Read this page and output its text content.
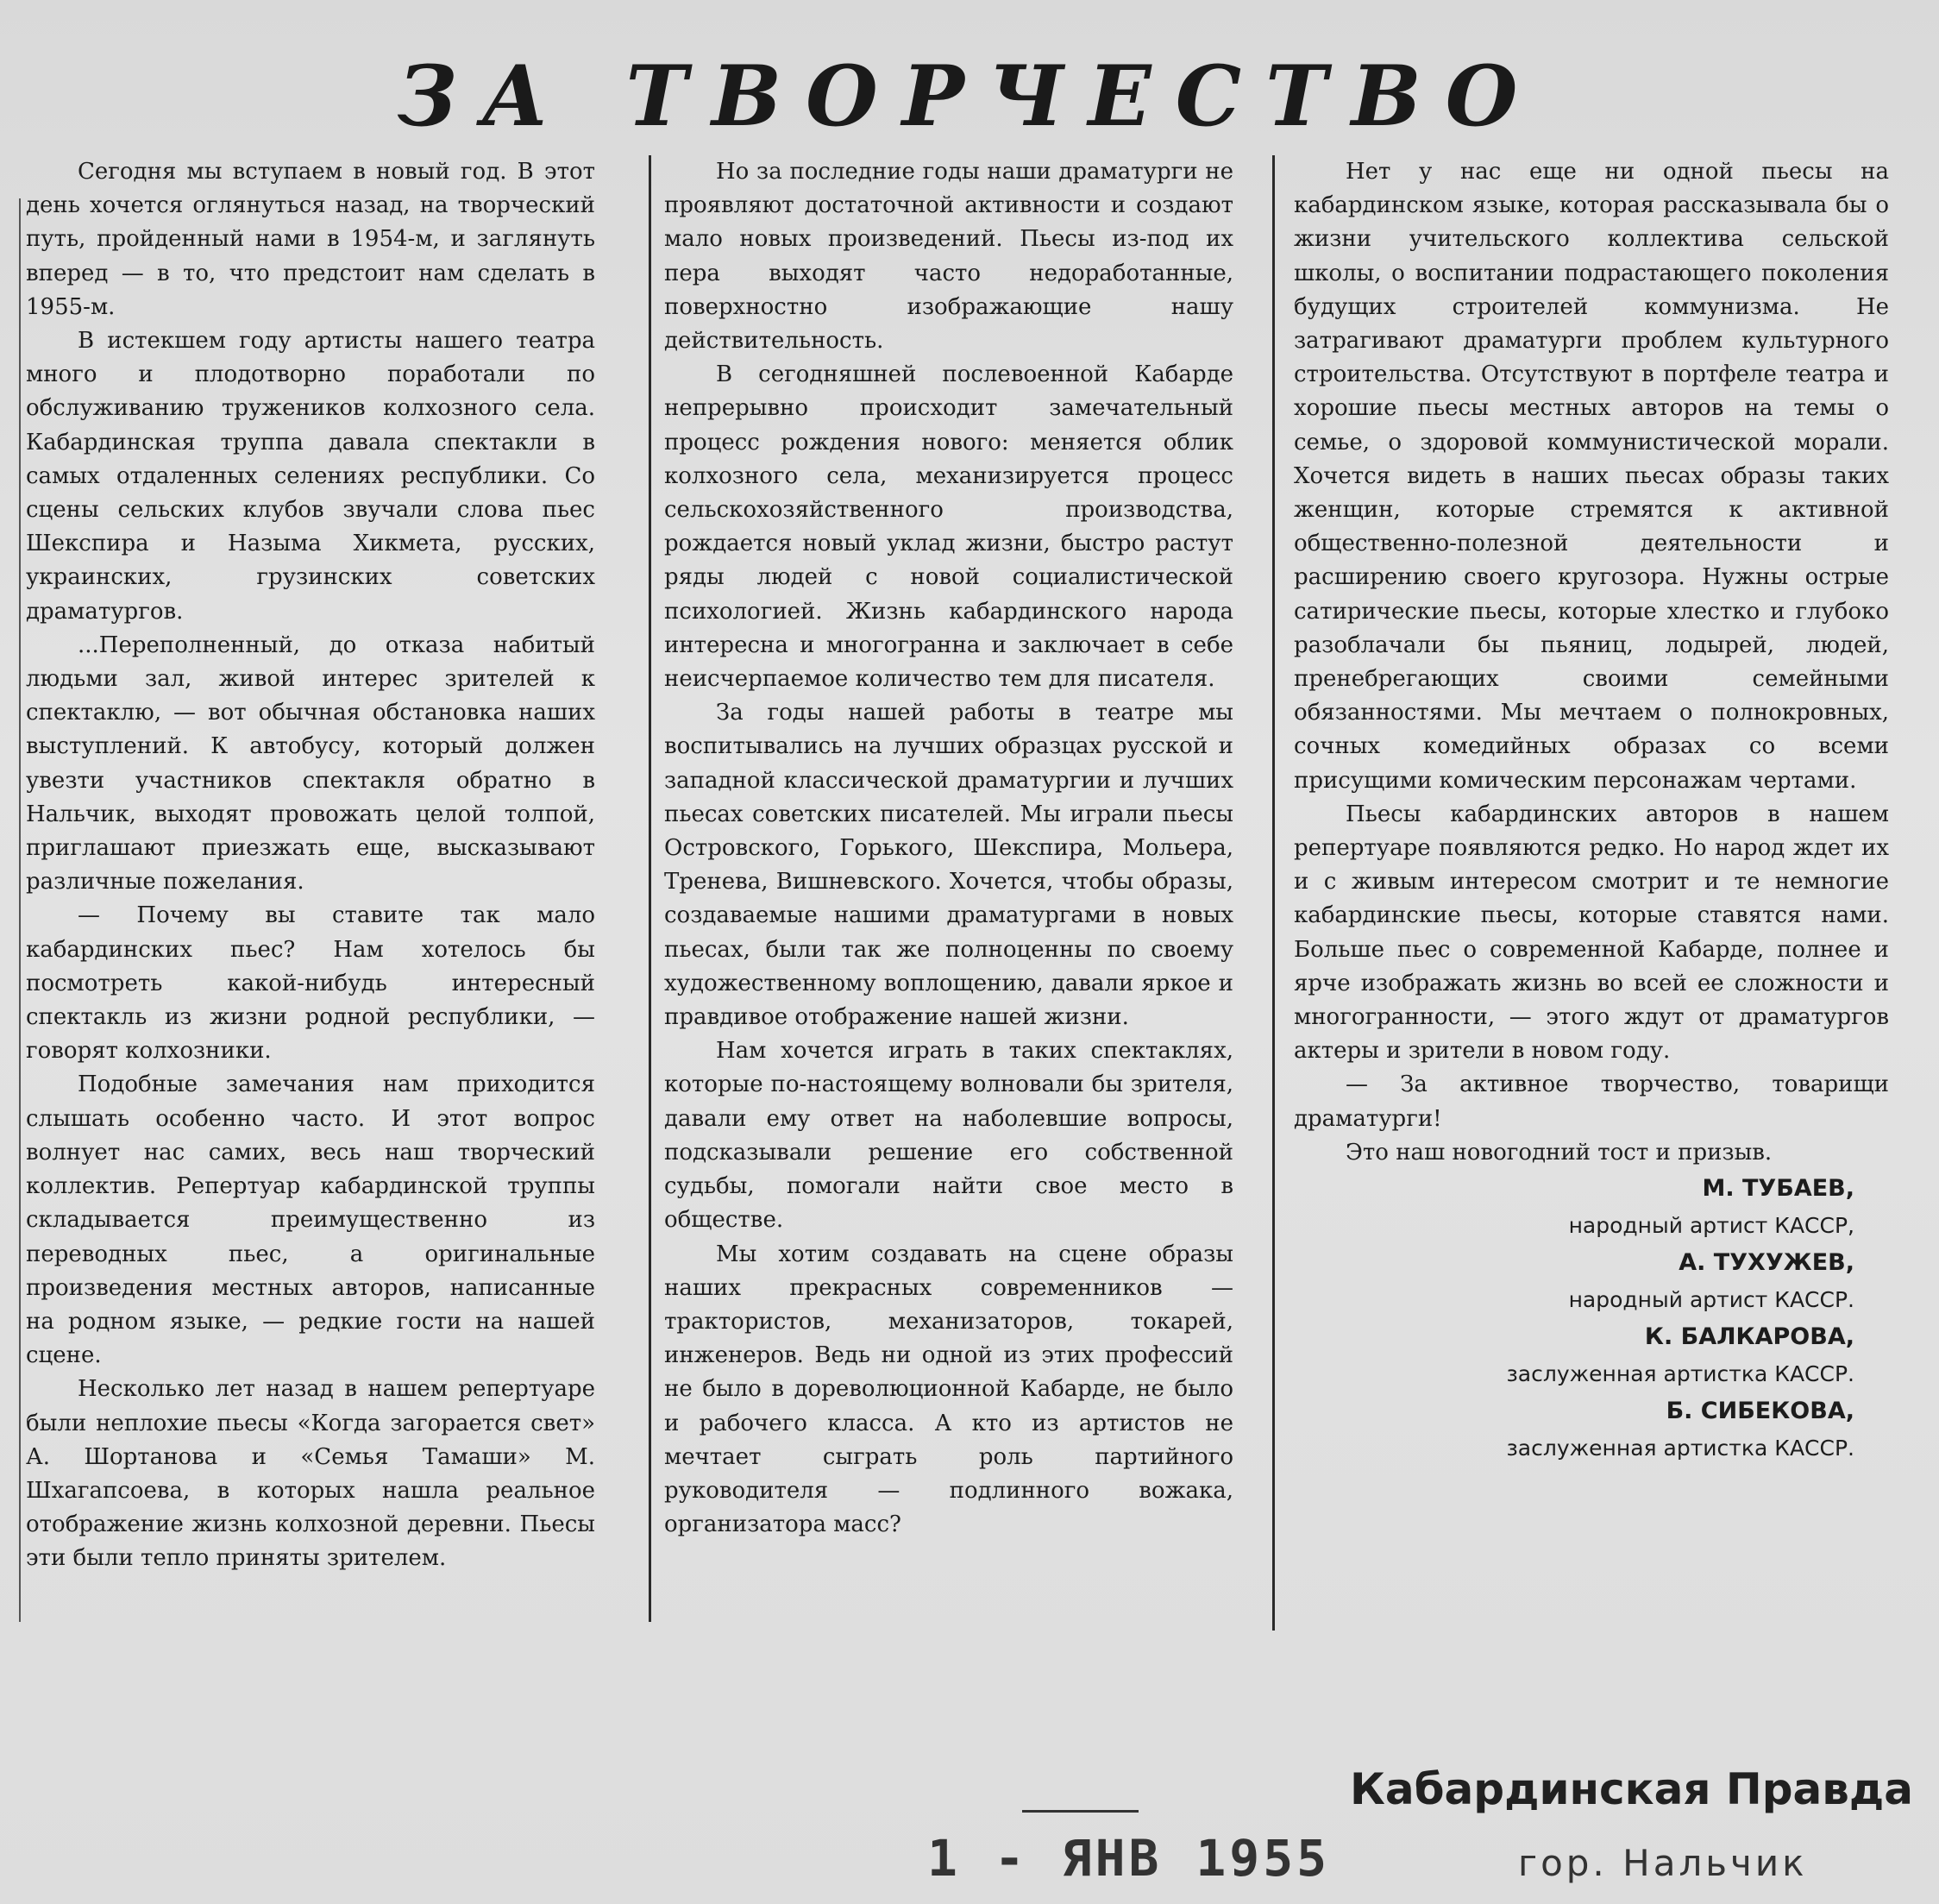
ЗА ТВОРЧЕСТВО

Сегодня мы вступаем в новый год. В этот день хочется оглянуться назад, на творческий путь, пройденный нами в 1954-м, и заглянуть вперед — в то, что предстоит нам сделать в 1955-м.

В истекшем году артисты нашего театра много и плодотворно поработали по обслуживанию тружеников колхозного села. Кабардинская труппа давала спектакли в самых отдаленных селениях республики. Со сцены сельских клубов звучали слова пьес Шекспира и Назыма Хикмета, русских, украинских, грузинских советских драматургов.

...Переполненный, до отказа набитый людьми зал, живой интерес зрителей к спектаклю, — вот обычная обстановка наших выступлений. К автобусу, который должен увезти участников спектакля обратно в Нальчик, выходят провожать целой толпой, приглашают приезжать еще, высказывают различные пожелания.

— Почему вы ставите так мало кабардинских пьес? Нам хотелось бы посмотреть какой-нибудь интересный спектакль из жизни родной республики, — говорят колхозники.

Подобные замечания нам приходится слышать особенно часто. И этот вопрос волнует нас самих, весь наш творческий коллектив. Репертуар кабардинской труппы складывается преимущественно из переводных пьес, а оригинальные произведения местных авторов, написанные на родном языке, — редкие гости на нашей сцене.

Несколько лет назад в нашем репертуаре были неплохие пьесы «Когда загорается свет» А. Шортанова и «Семья Тамаши» М. Шхагапсоева, в которых нашла реальное отображение жизнь колхозной деревни. Пьесы эти были тепло приняты зрителем.

Но за последние годы наши драматурги не проявляют достаточной активности и создают мало новых произведений. Пьесы из-под их пера выходят часто недоработанные, поверхностно изображающие нашу действительность.

В сегодняшней послевоенной Кабарде непрерывно происходит замечательный процесс рождения нового: меняется облик колхозного села, механизируется процесс сельскохозяйственного производства, рождается новый уклад жизни, быстро растут ряды людей с новой социалистической психологией. Жизнь кабардинского народа интересна и многогранна и заключает в себе неисчерпаемое количество тем для писателя.

За годы нашей работы в театре мы воспитывались на лучших образцах русской и западной классической драматургии и лучших пьесах советских писателей. Мы играли пьесы Островского, Горького, Шекспира, Мольера, Тренева, Вишневского. Хочется, чтобы образы, создаваемые нашими драматургами в новых пьесах, были так же полноценны по своему художественному воплощению, давали яркое и правдивое отображение нашей жизни.

Нам хочется играть в таких спектаклях, которые по-настоящему волновали бы зрителя, давали ему ответ на наболевшие вопросы, подсказывали решение его собственной судьбы, помогали найти свое место в обществе.

Мы хотим создавать на сцене образы наших прекрасных современников — трактористов, механизаторов, токарей, инженеров. Ведь ни одной из этих профессий не было в дореволюционной Кабарде, не было и рабочего класса. А кто из артистов не мечтает сыграть роль партийного руководителя — подлинного вожака, организатора масс?

Нет у нас еще ни одной пьесы на кабардинском языке, которая рассказывала бы о жизни учительского коллектива сельской школы, о воспитании подрастающего поколения будущих строителей коммунизма. Не затрагивают драматурги проблем культурного строительства. Отсутствуют в портфеле театра и хорошие пьесы местных авторов на темы о семье, о здоровой коммунистической морали. Хочется видеть в наших пьесах образы таких женщин, которые стремятся к активной общественно-полезной деятельности и расширению своего кругозора. Нужны острые сатирические пьесы, которые хлестко и глубоко разоблачали бы пьяниц, лодырей, людей, пренебрегающих своими семейными обязанностями. Мы мечтаем о полнокровных, сочных комедийных образах со всеми присущими комическим персонажам чертами.

Пьесы кабардинских авторов в нашем репертуаре появляются редко. Но народ ждет их и с живым интересом смотрит и те немногие кабардинские пьесы, которые ставятся нами. Больше пьес о современной Кабарде, полнее и ярче изображать жизнь во всей ее сложности и многогранности, — этого ждут от драматургов актеры и зрители в новом году.

— За активное творчество, товарищи драматурги!

Это наш новогодний тост и призыв.

М. ТУБАЕВ,
народный артист КАССР,
А. ТУХУЖЕВ,
народный артист КАССР.
К. БАЛКАРОВА,
заслуженная артистка КАССР.
Б. СИБЕКОВА,
заслуженная артистка КАССР.
1 - ЯНВ 1955
Кабардинская Правда
гор. Нальчик
